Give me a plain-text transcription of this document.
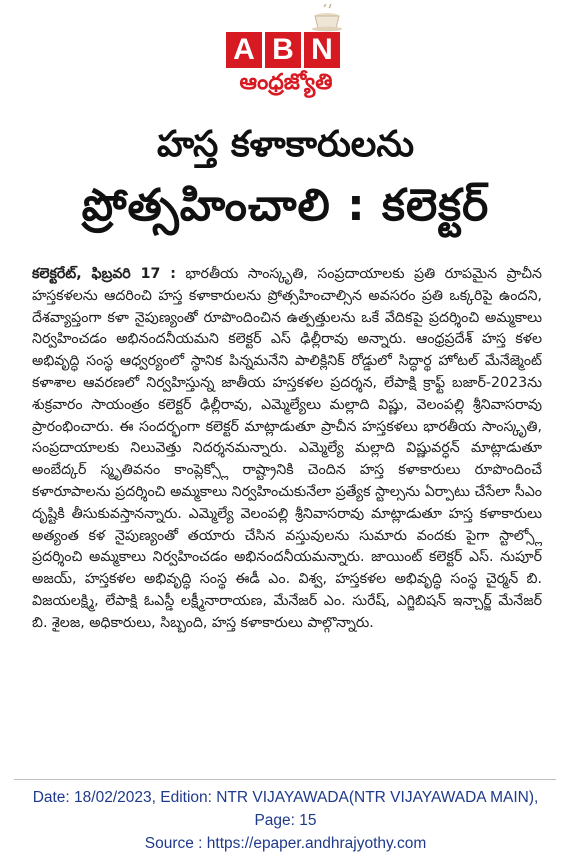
A B N
ఆంధ్రజ్యోతి
హస్త కళాకారులను
ప్రోత్సహించాలి : కలెక్టర్
కలెక్టరేట్, ఫిబ్రవరి 17 : భారతీయ సాంస్కృతి, సంప్రదాయాలకు ప్రతి రూపమైన ప్రాచీన హస్తకళలను ఆదరించి హస్త కళాకారులను ప్రోత్సహించాల్సిన అవసరం ప్రతి ఒక్కరిపై ఉందని, దేశవ్యాప్తంగా కళా నైపుణ్యంతో రూపొందించిన ఉత్పత్తులను ఒకే వేదికపై ప్రదర్శించి అమ్మకాలు నిర్వహించడం అభినందనీయమని కలెక్టర్ ఎస్ ఢిల్లీరావు అన్నారు. ఆంధ్రప్రదేశ్ హస్త కళల అభివృద్ధి సంస్థ ఆధ్వర్యంలో స్థానిక పిన్నమనేని పాలిక్లినిక్ రోడ్డులో సిద్ధార్థ హోటల్ మేనేజ్మెంట్ కళాశాల ఆవరణలో నిర్వహిస్తున్న జాతీయ హస్తకళల ప్రదర్శన, లేపాక్షి క్రాఫ్ట్ బజార్-2023ను శుక్రవారం సాయంత్రం కలెక్టర్ ఢిల్లీరావు, ఎమ్మెల్యేలు మల్లాది విష్ణు, వెలంపల్లి శ్రీనివాసరావు ప్రారంభించారు. ఈ సందర్భంగా కలెక్టర్ మాట్లాడుతూ ప్రాచీన హస్తకళలు భారతీయ సాంస్కృతి, సంప్రదాయాలకు నిలువెత్తు నిదర్శనమన్నారు. ఎమ్మెల్యే మల్లాది విష్ణువర్ధన్ మాట్లాడుతూ అంబేద్కర్ స్మృతివనం కాంప్లెక్స్లో రాష్ట్రానికి చెందిన హస్త కళాకారులు రూపొందించే కళారూపాలను ప్రదర్శించి అమ్మకాలు నిర్వహించుకునేలా ప్రత్యేక స్టాల్సను ఏర్పాటు చేసేలా సీఎం దృష్టికి తీసుకువస్తానన్నారు. ఎమ్మెల్యే వెలంపల్లి శ్రీనివాసరావు మాట్లాడుతూ హస్త కళాకారులు అత్యంత కళ నైపుణ్యంతో తయారు చేసిన వస్తువులను సుమారు వందకు పైగా స్టాల్స్లో ప్రదర్శించి అమ్మకాలు నిర్వహించడం అభినందనీయమన్నారు. జాయింట్ కలెక్టర్ ఎస్. నుపూర్ అజయ్, హస్తకళల అభివృద్ధి సంస్థ ఈడీ ఎం. విశ్వ, హస్తకళల అభివృద్ధి సంస్థ చైర్మన్ బి. విజయలక్ష్మి, లేపాక్షి ఓఎస్డీ లక్ష్మీనారాయణ, మేనేజర్ ఎం. సురేష్, ఎగ్జిబిషన్ ఇన్చార్జ్ మేనేజర్ బి. శైలజ, అధికారులు, సిబ్బంది, హస్త కళాకారులు పాల్గొన్నారు.
Date: 18/02/2023, Edition: NTR VIJAYAWADA(NTR VIJAYAWADA MAIN),
Page: 15
Source : https://epaper.andhrajyothy.com
